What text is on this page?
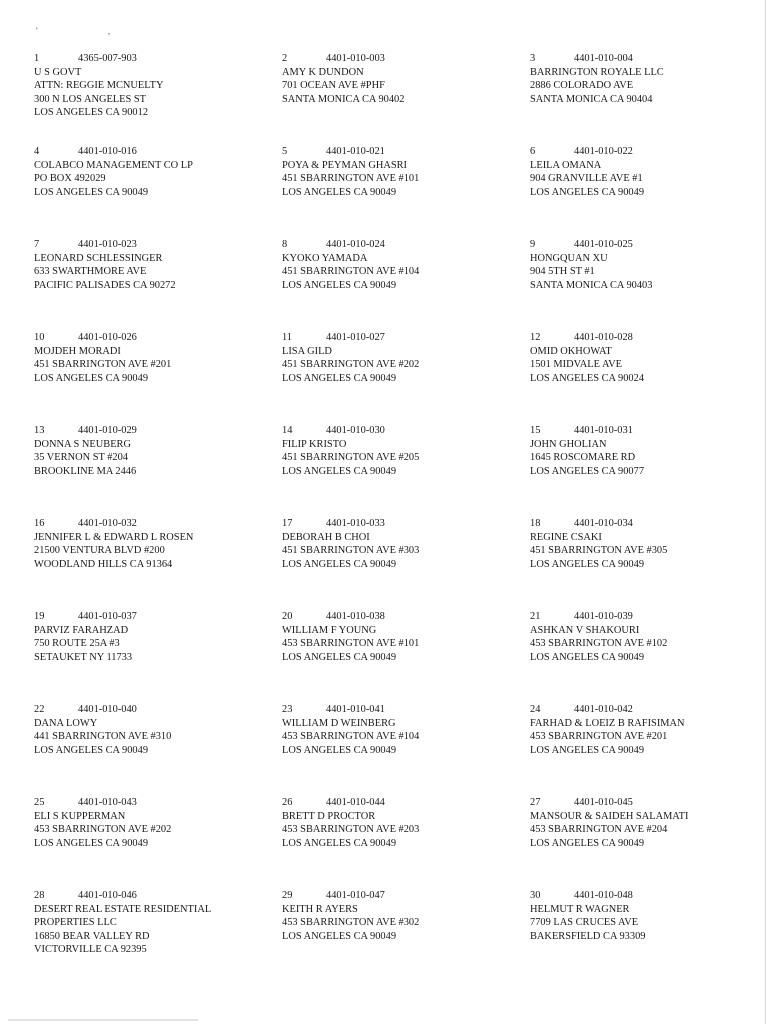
' ,
1	4365-007-903
U S GOVT
ATTN: REGGIE MCNUELTY
300 N LOS ANGELES ST
LOS ANGELES CA 90012
2	4401-010-003
AMY K DUNDON
701 OCEAN AVE #PHF
SANTA MONICA CA 90402
3	4401-010-004
BARRINGTON ROYALE LLC
2886 COLORADO AVE
SANTA MONICA CA 90404
4	4401-010-016
COLABCO MANAGEMENT CO LP
PO BOX 492029
LOS ANGELES CA 90049
5	4401-010-021
POYA & PEYMAN GHASRI
451 SBARRINGTON AVE #101
LOS ANGELES CA 90049
6	4401-010-022
LEILA OMANA
904 GRANVILLE AVE #1
LOS ANGELES CA 90049
7	4401-010-023
LEONARD SCHLESSINGER
633 SWARTHMORE AVE
PACIFIC PALISADES CA 90272
8	4401-010-024
KYOKO YAMADA
451 SBARRINGTON AVE #104
LOS ANGELES CA 90049
9	4401-010-025
HONGQUAN XU
904 5TH ST #1
SANTA MONICA CA 90403
10	4401-010-026
MOJDEH MORADI
451 SBARRINGTON AVE #201
LOS ANGELES CA 90049
11	4401-010-027
LISA GILD
451 SBARRINGTON AVE #202
LOS ANGELES CA 90049
12	4401-010-028
OMID OKHOWAT
1501 MIDVALE AVE
LOS ANGELES CA 90024
13	4401-010-029
DONNA S NEUBERG
35 VERNON ST #204
BROOKLINE MA 2446
14	4401-010-030
FILIP KRISTO
451 SBARRINGTON AVE #205
LOS ANGELES CA 90049
15	4401-010-031
JOHN GHOLIAN
1645 ROSCOMARE RD
LOS ANGELES CA 90077
16	4401-010-032
JENNIFER L & EDWARD L ROSEN
21500 VENTURA BLVD #200
WOODLAND HILLS CA 91364
17	4401-010-033
DEBORAH B CHOI
451 SBARRINGTON AVE #303
LOS ANGELES CA 90049
18	4401-010-034
REGINE CSAKI
451 SBARRINGTON AVE #305
LOS ANGELES CA 90049
19	4401-010-037
PARVIZ FARAHZAD
750 ROUTE 25A #3
SETAUKET NY 11733
20	4401-010-038
WILLIAM F YOUNG
453 SBARRINGTON AVE #101
LOS ANGELES CA 90049
21	4401-010-039
ASHKAN V SHAKOURI
453 SBARRINGTON AVE #102
LOS ANGELES CA 90049
22	4401-010-040
DANA LOWY
441 SBARRINGTON AVE #310
LOS ANGELES CA 90049
23	4401-010-041
WILLIAM D WEINBERG
453 SBARRINGTON AVE #104
LOS ANGELES CA 90049
24	4401-010-042
FARHAD & LOEIZ B RAFISIMAN
453 SBARRINGTON AVE #201
LOS ANGELES CA 90049
25	4401-010-043
ELI S KUPPERMAN
453 SBARRINGTON AVE #202
LOS ANGELES CA 90049
26	4401-010-044
BRETT D PROCTOR
453 SBARRINGTON AVE #203
LOS ANGELES CA 90049
27	4401-010-045
MANSOUR & SAIDEH SALAMATI
453 SBARRINGTON AVE #204
LOS ANGELES CA 90049
28	4401-010-046
DESERT REAL ESTATE RESIDENTIAL
PROPERTIES LLC
16850 BEAR VALLEY RD
VICTORVILLE CA 92395
29	4401-010-047
KEITH R AYERS
453 SBARRINGTON AVE #302
LOS ANGELES CA 90049
30	4401-010-048
HELMUT R WAGNER
7709 LAS CRUCES AVE
BAKERSFIELD CA 93309
